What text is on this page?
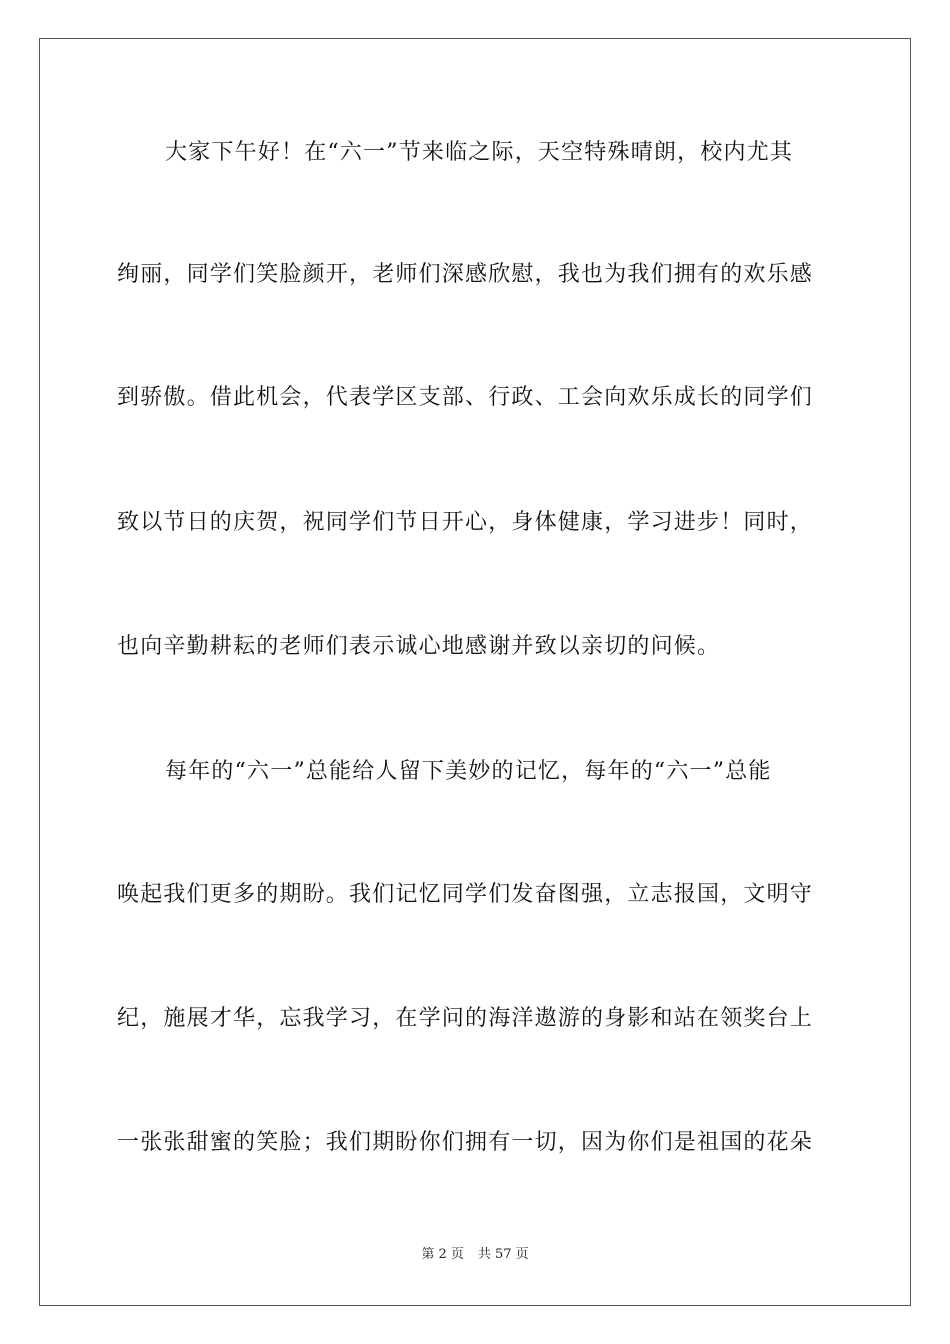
大家下午好！在“六一”节来临之际，天空特殊晴朗，校内尤其
绚丽，同学们笑脸颜开，老师们深感欣慰，我也为我们拥有的欢乐感
到骄傲。借此机会，代表学区支部、行政、工会向欢乐成长的同学们
致以节日的庆贺，祝同学们节日开心，身体健康，学习进步！同时，
也向辛勤耕耘的老师们表示诚心地感谢并致以亲切的问候。
每年的“六一”总能给人留下美妙的记忆，每年的“六一”总能
唤起我们更多的期盼。我们记忆同学们发奋图强，立志报国，文明守
纪，施展才华，忘我学习，在学问的海洋遨游的身影和站在领奖台上
一张张甜蜜的笑脸；我们期盼你们拥有一切，因为你们是祖国的花朵
第 2 页 共 57 页
